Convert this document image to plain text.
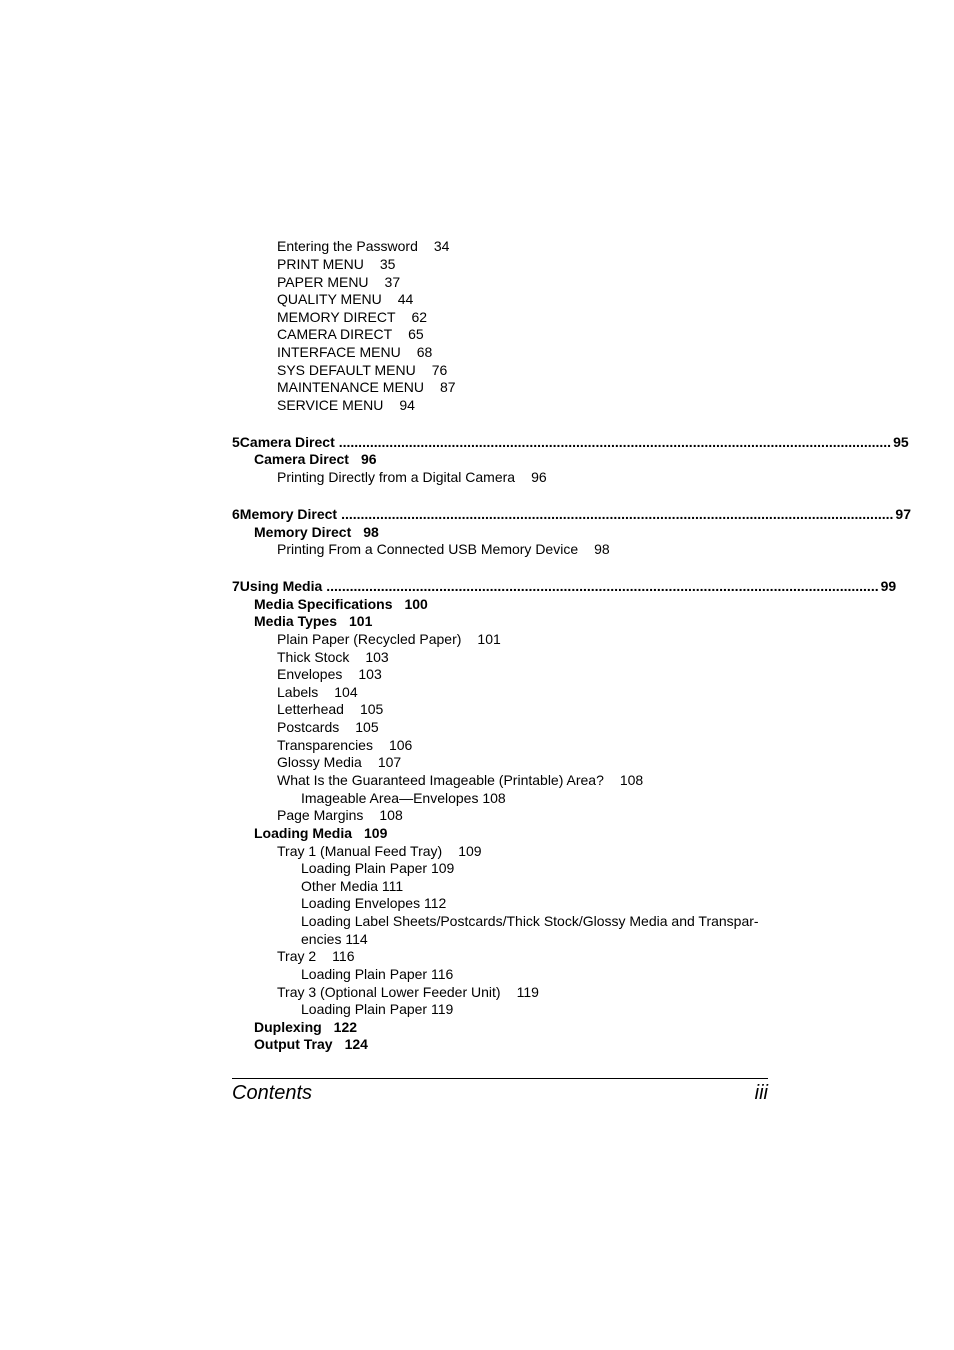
Entering the Password 34
PRINT MENU 35
PAPER MENU 37
QUALITY MENU 44
MEMORY DIRECT 62
CAMERA DIRECT 65
INTERFACE MENU 68
SYS DEFAULT MENU 76
MAINTENANCE MENU 87
SERVICE MENU 94
5 Camera Direct .............................................................................................................................................. 95
Camera Direct 96
Printing Directly from a Digital Camera 96
6 Memory Direct .............................................................................................................................................. 97
Memory Direct 98
Printing From a Connected USB Memory Device 98
7 Using Media .............................................................................................................................................. 99
Media Specifications 100
Media Types 101
Plain Paper (Recycled Paper) 101
Thick Stock 103
Envelopes 103
Labels 104
Letterhead 105
Postcards 105
Transparencies 106
Glossy Media 107
What Is the Guaranteed Imageable (Printable) Area? 108
Imageable Area—Envelopes 108
Page Margins 108
Loading Media 109
Tray 1 (Manual Feed Tray) 109
Loading Plain Paper 109
Other Media 111
Loading Envelopes 112
Loading Label Sheets/Postcards/Thick Stock/Glossy Media and Transpar-
encies 114
Tray 2 116
Loading Plain Paper 116
Tray 3 (Optional Lower Feeder Unit) 119
Loading Plain Paper 119
Duplexing 122
Output Tray 124
Contents	iii
